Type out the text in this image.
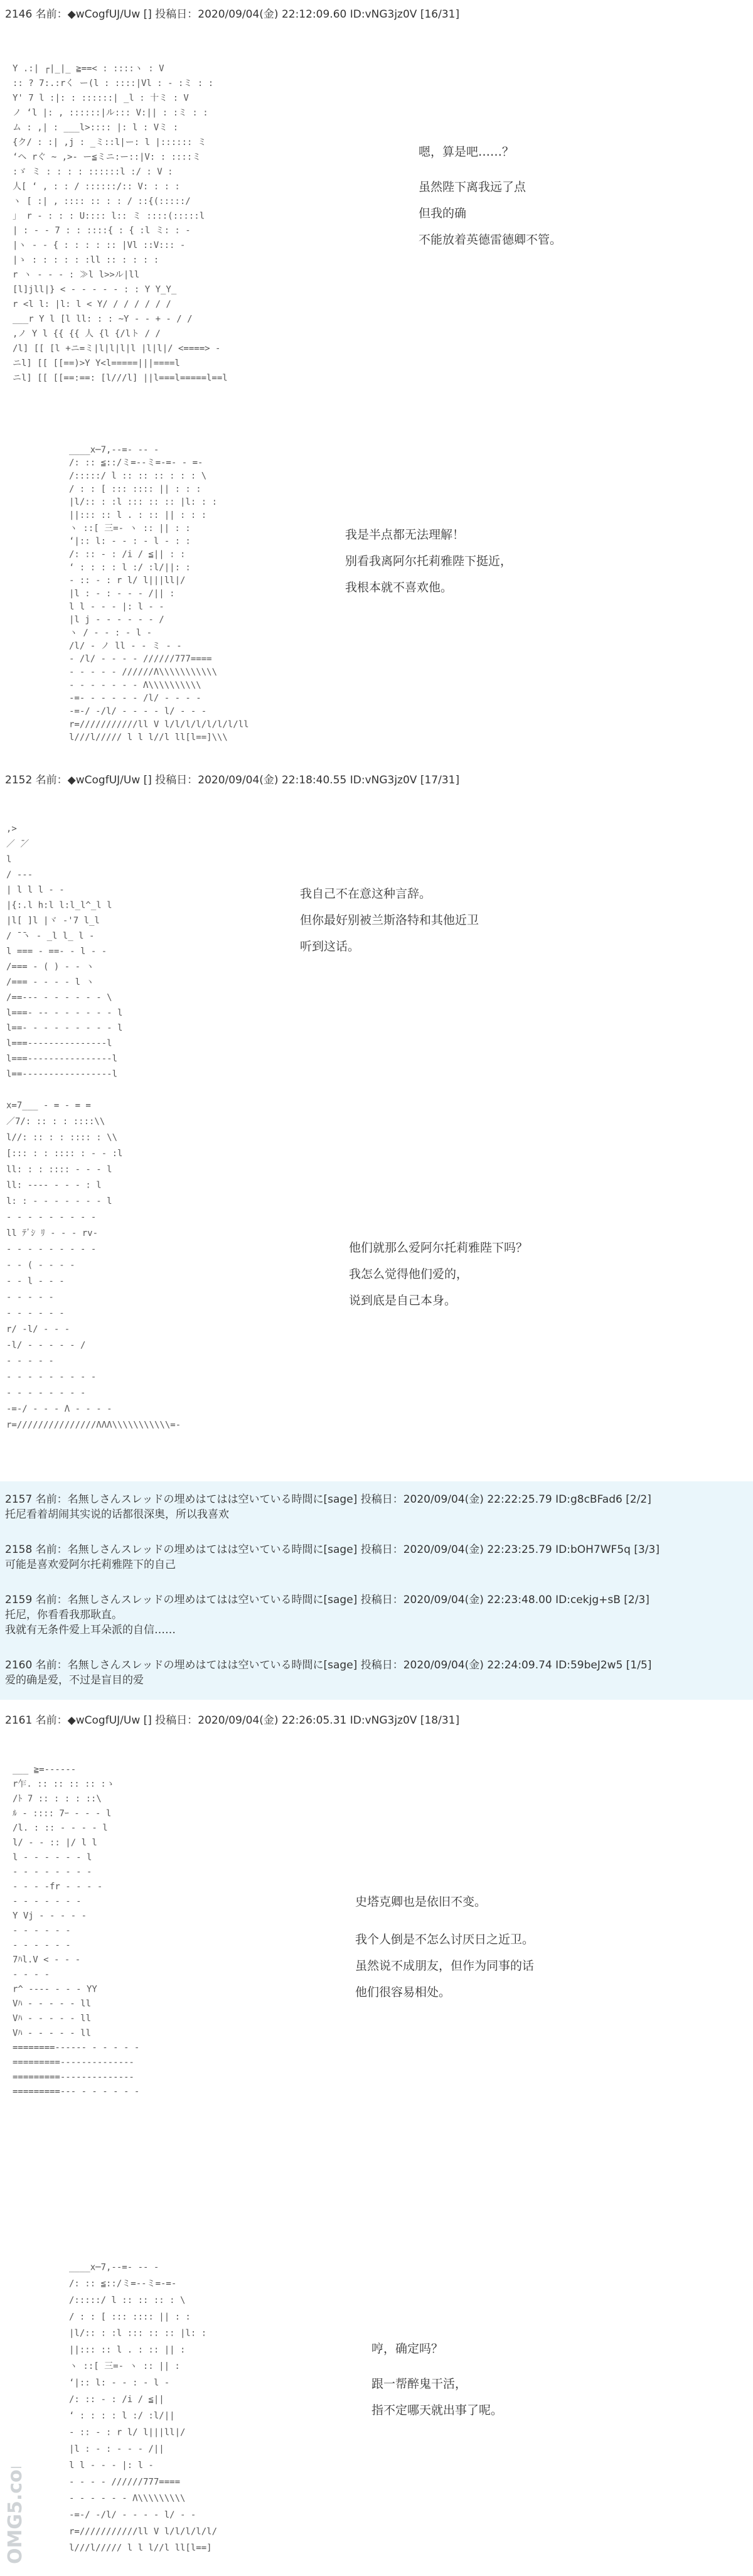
2146 名前：◆wCogfUJ/Uw [] 投稿日：2020/09/04(金) 22:12:09.60 ID:vNG3jz0V [16/31]
Y .:| ┌|_|_ ≧==< : ::::ヽ : V
:: ? 7:.:rく ー(l : ::::|Vl : ‐ :ミ : :
Y' 7 l :|: : ::::::| _l : 十ミ : V
ノ ‘l |: , ::::::|ル::: V:|| : :ミ : :
ム : ,| : ___l>:::: |: l : Vミ :
{ク/ : :| ,j : _ミ::l|ー: l |:::::: ミ
‘ヘ rぐ ~ ,>‐ ー≦ミニ:ー::|V: : ::::ミ
:ゞ ミ : : : : ::::::l :/ : V :
人[ ‘ , : : / ::::::/:: V: : : :
ヽ [ :| , :::: :: : : / ::{(:::::/
」 r ‐ : : : U:::: l:: ミ ::::(:::::l
| : ‐ ‐ 7 : : ::::{ : { :l ミ: : ‐
|ヽ ‐ ‐ { : : : : :: |Vl ::V::: ‐
|ゝ : : : : : :ll :: : : : :
r ヽ ‐ ‐ ‐ : ≫l l>>ル|ll
[l]jll|} < ‐ ‐ ‐ ‐ ‐ : : Y Y_Y_
r <l l: |l: l < Y/ / / / / / /
___r Y l [l ll: : : ~Y ‐ ‐ + ‐ / /
,ノ Y l {{ {{ 人 {l {/lト / /
/l] [[ [l +ニ=ミ|l|l|l|l |l|l|/ <====> ‐
ニl] [[ [[==)>Y Y<l=====|||====l
ニl] [[ [[==:==: [l///l] ||l===l=====l==l
嗯，算是吧……？
虽然陛下离我远了点
但我的确
不能放着英德雷德卿不管。
____x─7,‐‐=‐ ‐‐ ‐
/: :: ≦::/ミ=‐‐ミ=‐=‐ ‐ =‐
/:::::/ l :: :: :: : : : \
/ : : [ ::: :::: || : : :
|l/:: : :l ::: :: :: |l: : :
||::: :: l . : :: || : : :
ヽ ::[ 三=‐ ヽ :: || : :
‘|:: l: ‐ ‐ : ‐ l ‐ : :
/: :: ‐ : /i / ≦|| : :
‘ : : : : l :/ :l/||: :
‐ :: ‐ : r l/ l|||ll|/
|l : ‐ : ‐ ‐ ‐ /|| :
l l ‐ ‐ ‐ |: l ‐ ‐
|l j ‐ ‐ ‐ ‐ ‐ ‐ /
ヽ / ‐ ‐ : ‐ l ‐
/l/ ‐ ノ ll ‐ ‐ ミ ‐ ‐
‐ /l/ ‐ ‐ ‐ ‐ //////777====
‐ ‐ ‐ ‐ ‐ //////Λ\\\\\\\\\\\
‐ ‐ ‐ ‐ ‐ ‐ ‐ Λ\\\\\\\\\\
‐=‐ ‐ ‐ ‐ ‐ ‐ /l/ ‐ ‐ ‐ ‐
‐=‐/ ‐/l/ ‐ ‐ ‐ ‐ l/ ‐ ‐ ‐
r=///////////ll V l/l/l/l/l/l/l/ll
l///l///// l l l//l ll[l==]\\\
我是半点都无法理解！
别看我离阿尔托莉雅陛下挺近，
我根本就不喜欢他。
2152 名前：◆wCogfUJ/Uw [] 投稿日：2020/09/04(金) 22:18:40.55 ID:vNG3jz0V [17/31]
,>
／ ̄／
l
/ ‐‐‐
| l l l ‐ ‐
|{:.l h:l l:l_l^_l l
|l[ ]l |ヾ ‐'7 l_l
/ ̄ ̄ヽ ‐ _l l_ l ‐
l === ‐ ==‐ ‐ l ‐ ‐
/=== ‐ ( ) ‐ ‐ ヽ
/=== ‐ ‐ ‐ ‐ l ヽ
/==‐‐‐ ‐ ‐ ‐ ‐ ‐ ‐ \
l===‐ ‐‐ ‐ ‐ ‐ ‐ ‐ ‐ l
l==‐ ‐ ‐ ‐ ‐ ‐ ‐ ‐ ‐ l
l===‐‐‐‐‐‐‐‐‐‐‐‐‐‐‐l
l===‐‐‐‐‐‐‐‐‐‐‐‐‐‐‐‐l
l==‐‐‐‐‐‐‐‐‐‐‐‐‐‐‐‐‐l
我自己不在意这种言辞。
但你最好别被兰斯洛特和其他近卫
听到这话。
x=7___ ‐ = ‐ = =
／7/: :: : : ::::\\
l//: :: : : :::: : \\
[::: : : :::: : ‐ ‐ :l
ll: : : :::: ‐ ‐ ‐ l
ll: ‐‐‐‐ ‐ ‐ ‐ : l
l: : ‐ ‐ ‐ ‐ ‐ ‐ ‐ l
‐ ‐ ‐ ‐ ‐ ‐ ‐ ‐ ‐
ll ﾃﾞｼ ﾘ ‐ ‐ ‐ rv‐
‐ ‐ ‐ ‐ ‐ ‐ ‐ ‐ ‐
‐ ‐ ( ‐ ‐ ‐ ‐
‐ ‐ l ‐ ‐ ‐
‐ ‐ ‐ ‐ ‐
‐ ‐ ‐ ‐ ‐ ‐
r/ ‐l/ ‐ ‐ ‐
‐l/ ‐ ‐ ‐ ‐ ‐ /
‐ ‐ ‐ ‐ ‐
‐ ‐ ‐ ‐ ‐ ‐ ‐ ‐ ‐
‐ ‐ ‐ ‐ ‐ ‐ ‐ ‐
‐=‐/ ‐ ‐ ‐ Λ ‐ ‐ ‐ ‐
r=///////////////ΛΛΛ\\\\\\\\\\\=‐
他们就那么爱阿尔托莉雅陛下吗？
我怎么觉得他们爱的，
说到底是自己本身。
2157 名前：名無しさんスレッドの埋めはてはは空いている時間に[sage] 投稿日：2020/09/04(金) 22:22:25.79 ID:g8cBFad6 [2/2]
托尼看着胡闹其实说的话都很深奥，所以我喜欢
2158 名前：名無しさんスレッドの埋めはてはは空いている時間に[sage] 投稿日：2020/09/04(金) 22:23:25.79 ID:bOH7WF5q [3/3]
可能是喜欢爱阿尔托莉雅陛下的自己
2159 名前：名無しさんスレッドの埋めはてはは空いている時間に[sage] 投稿日：2020/09/04(金) 22:23:48.00 ID:cekjg+sB [2/3]
托尼，你看看我那耿直。
我就有无条件爱上耳朵派的自信……
2160 名前：名無しさんスレッドの埋めはてはは空いている時間に[sage] 投稿日：2020/09/04(金) 22:24:09.74 ID:59beJ2w5 [1/5]
爱的确是爱，不过是盲目的爱
2161 名前：◆wCogfUJ/Uw [] 投稿日：2020/09/04(金) 22:26:05.31 ID:vNG3jz0V [18/31]
___ ≧=‐‐‐‐‐‐
r乍. :: :: :: :: :ゝ
/ﾄ 7 :: : : : ::\
ﾙ ‐ :::: 7ｰ ‐ ‐ ‐ l
/l. : :: ‐ ‐ ‐ ‐ l
l/ ‐ ‐ :: |/ l l
l ‐ ‐ ‐ ‐ ‐ ‐ l
‐ ‐ ‐ ‐ ‐ ‐ ‐ ‐
‐ ‐ ‐ ‐fr ‐ ‐ ‐ ‐
‐ ‐ ‐ ‐ ‐ ‐ ‐
Y Vj ‐ ‐ ‐ ‐ ‐
‐ ‐ ‐ ‐ ‐ ‐
‐ ‐ ‐ ‐ ‐ ‐
7ﾊl.V < ‐ ‐ ‐
‐ ‐ ‐ ‐
r^ ‐‐‐‐ ‐ ‐ ‐ YY
Vﾊ ‐ ‐ ‐ ‐ ‐ ll
Vﾊ ‐ ‐ ‐ ‐ ‐ ll
Vﾊ ‐ ‐ ‐ ‐ ‐ ll
========‐‐‐‐‐‐ ‐ ‐ ‐ ‐ ‐
=========‐‐‐‐‐‐‐‐‐‐‐‐‐‐
=========‐‐‐‐‐‐‐‐‐‐‐‐‐‐
=========‐‐‐ ‐ ‐ ‐ ‐ ‐ ‐
史塔克卿也是依旧不变。
我个人倒是不怎么讨厌日之近卫。
虽然说不成朋友，但作为同事的话
他们很容易相处。
____x─7,‐‐=‐ ‐‐ ‐
/: :: ≦::/ミ=‐‐ミ=‐=‐
/:::::/ l :: :: :: : \
/ : : [ ::: :::: || : :
|l/:: : :l ::: :: :: |l: :
||::: :: l . : :: || :
ヽ ::[ 三=‐ ヽ :: || :
‘|:: l: ‐ ‐ : ‐ l ‐
/: :: ‐ : /i / ≦||
‘ : : : : l :/ :l/||
‐ :: ‐ : r l/ l|||ll|/
|l : ‐ : ‐ ‐ ‐ /||
l l ‐ ‐ ‐ |: l ‐
‐ ‐ ‐ ‐ //////777====
‐ ‐ ‐ ‐ ‐ ‐ Λ\\\\\\\\\
‐=‐/ ‐/l/ ‐ ‐ ‐ ‐ l/ ‐ ‐
r=///////////ll V l/l/l/l/l/
l///l///// l l l//l ll[l==]
哼，确定吗？
跟一帮醉鬼干活，
指不定哪天就出事了呢。
OMG5.com
